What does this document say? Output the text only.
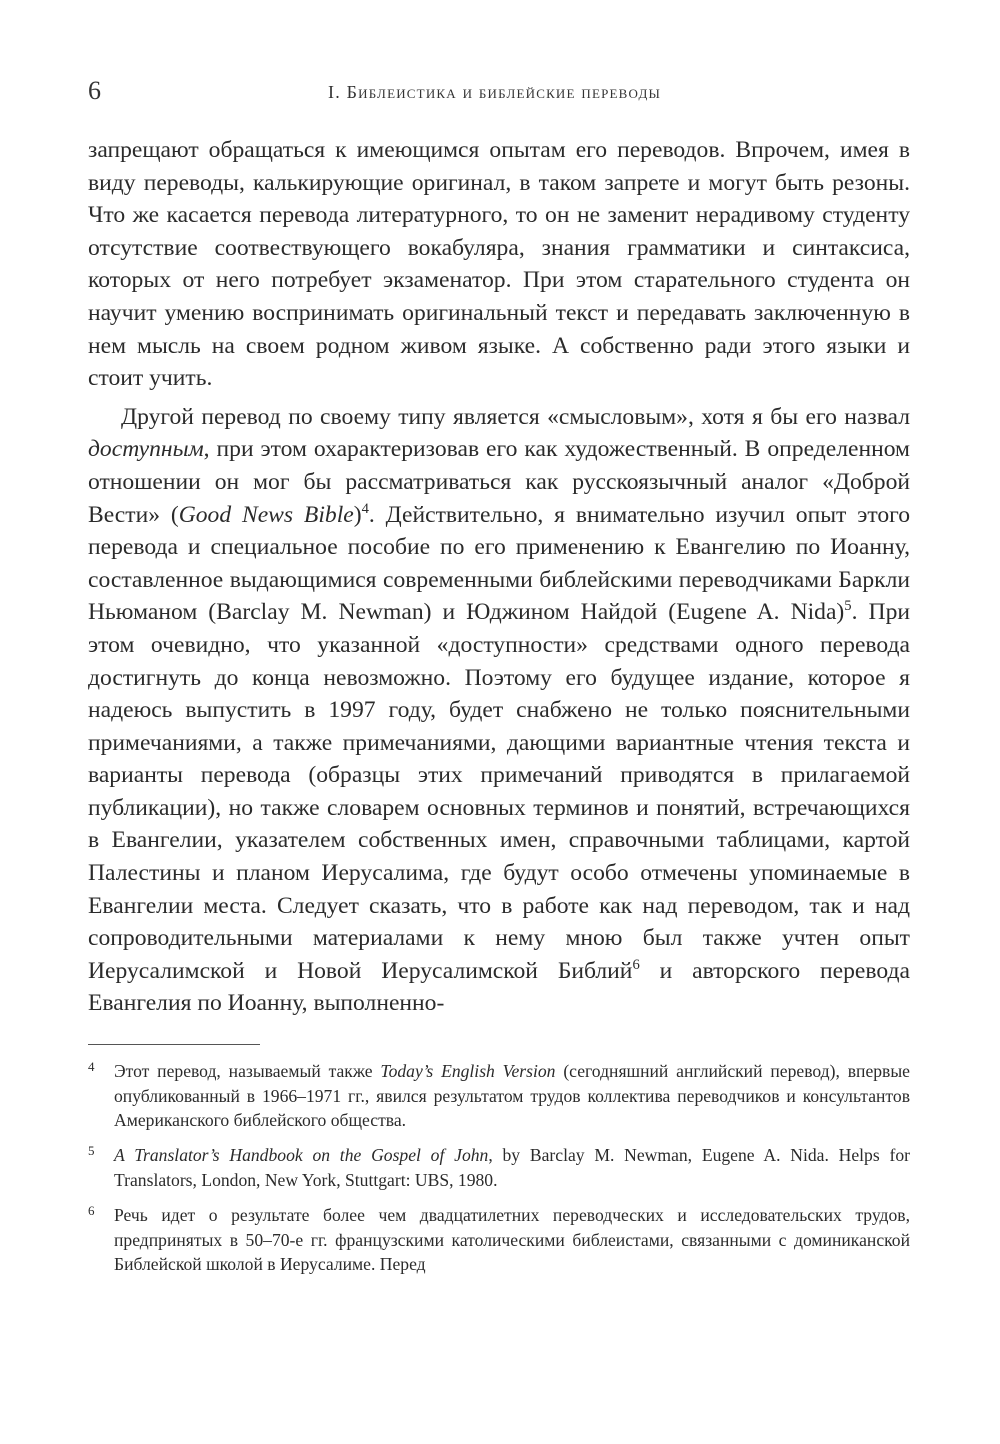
6	I. Библеистика и библейские переводы

запрещают обращаться к имеющимся опытам его переводов. Впрочем, имея в виду переводы, калькирующие оригинал, в таком запрете и могут быть резоны. Что же касается перевода литературного, то он не заменит нерадивому студенту отсутствие соотвествующего вокабуляра, знания грамматики и синтаксиса, которых от него потребует экзаменатор. При этом старательного студента он научит умению воспринимать оригинальный текст и передавать заключенную в нем мысль на своем родном живом языке. А собственно ради этого языки и стоит учить.

Другой перевод по своему типу является «смысловым», хотя я бы его назвал доступным, при этом охарактеризовав его как художественный. В определенном отношении он мог бы рассматриваться как русскоязычный аналог «Доброй Вести» (Good News Bible)$^4$. Действительно, я внимательно изучил опыт этого перевода и специальное пособие по его применению к Евангелию по Иоанну, составленное выдающимися современными библейскими переводчиками Баркли Ньюманом (Barclay M. Newman) и Юджином Найдой (Eugene A. Nida)$^5$. При этом очевидно, что указанной «доступности» средствами одного перевода достигнуть до конца невозможно. Поэтому его будущее издание, которое я надеюсь выпустить в 1997 году, будет снабжено не только пояснительными примечаниями, а также примечаниями, дающими вариантные чтения текста и варианты перевода (образцы этих примечаний приводятся в прилагаемой публикации), но также словарем основных терминов и понятий, встречающихся в Евангелии, указателем собственных имен, справочными таблицами, картой Палестины и планом Иерусалима, где будут особо отмечены упоминаемые в Евангелии места. Следует сказать, что в работе как над переводом, так и над сопроводительными материалами к нему мною был также учтен опыт Иерусалимской и Новой Иерусалимской Библий$^6$ и авторского перевода Евангелия по Иоанну, выполненно-

4 Этот перевод, называемый также Today’s English Version (сегодняшний английский перевод), впервые опубликованный в 1966–1971 гг., явился результатом трудов коллектива переводчиков и консультантов Американского библейского общества.
5 A Translator’s Handbook on the Gospel of John, by Barclay M. Newman, Eugene A. Nida. Helps for Translators, London, New York, Stuttgart: UBS, 1980.
6 Речь идет о результате более чем двадцатилетних переводческих и исследовательских трудов, предпринятых в 50–70-е гг. французскими католическими библеистами, связанными с доминиканской Библейской школой в Иерусалиме. Перед
